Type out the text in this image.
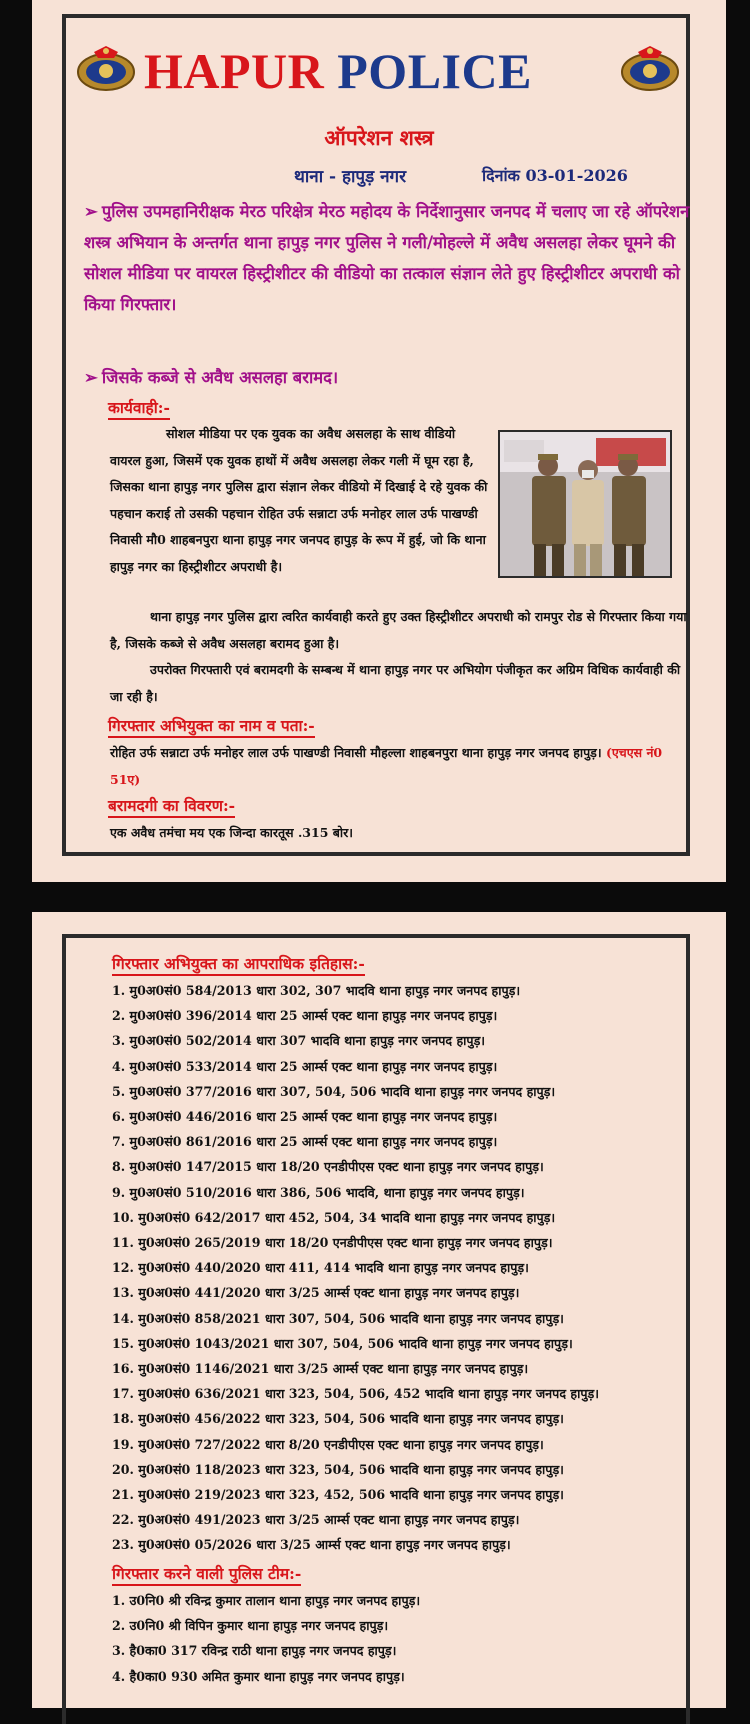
HAPUR POLICE
ऑपरेशन शस्त्र
थाना - हापुड़ नगर	दिनांक 03-01-2026
➢ पुलिस उपमहानिरीक्षक मेरठ परिक्षेत्र मेरठ महोदय के निर्देशानुसार जनपद में चलाए जा रहे ऑपरेशन शस्त्र अभियान के अन्तर्गत थाना हापुड़ नगर पुलिस ने गली/मोहल्ले में अवैध असलहा लेकर घूमने की सोशल मीडिया पर वायरल हिस्ट्रीशीटर की वीडियो का तत्काल संज्ञान लेते हुए हिस्ट्रीशीटर अपराधी को किया गिरफ्तार।
➢ जिसके कब्जे से अवैध असलहा बरामद।
कार्यवाही:-
सोशल मीडिया पर एक युवक का अवैध असलहा के साथ वीडियो वायरल हुआ, जिसमें एक युवक हाथों में अवैध असलहा लेकर गली में घूम रहा है, जिसका थाना हापुड़ नगर पुलिस द्वारा संज्ञान लेकर वीडियो में दिखाई दे रहे युवक की पहचान कराई तो उसकी पहचान रोहित उर्फ सन्नाटा उर्फ मनोहर लाल उर्फ पाखण्डी निवासी मौ0 शाहबनपुरा थाना हापुड़ नगर जनपद हापुड़ के रूप में हुई, जो कि थाना हापुड़ नगर का हिस्ट्रीशीटर अपराधी है।
थाना हापुड़ नगर पुलिस द्वारा त्वरित कार्यवाही करते हुए उक्त हिस्ट्रीशीटर अपराधी को रामपुर रोड से गिरफ्तार किया गया है, जिसके कब्जे से अवैध असलहा बरामद हुआ है।
उपरोक्त गिरफ्तारी एवं बरामदगी के सम्बन्ध में थाना हापुड़ नगर पर अभियोग पंजीकृत कर अग्रिम विधिक कार्यवाही की जा रही है।
गिरफ्तार अभियुक्त का नाम व पता:-
रोहित उर्फ सन्नाटा उर्फ मनोहर लाल उर्फ पाखण्डी निवासी मौहल्ला शाहबनपुरा थाना हापुड़ नगर जनपद हापुड़। (एचएस नं0 51ए)
बरामदगी का विवरण:-
एक अवैध तमंचा मय एक जिन्दा कारतूस .315 बोर।
गिरफ्तार अभियुक्त का आपराधिक इतिहास:-
1. मु0अ0सं0 584/2013 धारा 302, 307 भादवि थाना हापुड़ नगर जनपद हापुड़।
2. मु0अ0सं0 396/2014 धारा 25 आर्म्स एक्ट थाना हापुड़ नगर जनपद हापुड़।
3. मु0अ0सं0 502/2014 धारा 307 भादवि थाना हापुड़ नगर जनपद हापुड़।
4. मु0अ0सं0 533/2014 धारा 25 आर्म्स एक्ट थाना हापुड़ नगर जनपद हापुड़।
5. मु0अ0सं0 377/2016 धारा 307, 504, 506 भादवि थाना हापुड़ नगर जनपद हापुड़।
6. मु0अ0सं0 446/2016 धारा 25 आर्म्स एक्ट थाना हापुड़ नगर जनपद हापुड़।
7. मु0अ0सं0 861/2016 धारा 25 आर्म्स एक्ट थाना हापुड़ नगर जनपद हापुड़।
8. मु0अ0सं0 147/2015 धारा 18/20 एनडीपीएस एक्ट थाना हापुड़ नगर जनपद हापुड़।
9. मु0अ0सं0 510/2016 धारा 386, 506 भादवि, थाना हापुड़ नगर जनपद हापुड़।
10. मु0अ0सं0 642/2017 धारा 452, 504, 34 भादवि थाना हापुड़ नगर जनपद हापुड़।
11. मु0अ0सं0 265/2019 धारा 18/20 एनडीपीएस एक्ट थाना हापुड़ नगर जनपद हापुड़।
12. मु0अ0सं0 440/2020 धारा 411, 414 भादवि थाना हापुड़ नगर जनपद हापुड़।
13. मु0अ0सं0 441/2020 धारा 3/25 आर्म्स एक्ट थाना हापुड़ नगर जनपद हापुड़।
14. मु0अ0सं0 858/2021 धारा 307, 504, 506 भादवि थाना हापुड़ नगर जनपद हापुड़।
15. मु0अ0सं0 1043/2021 धारा 307, 504, 506 भादवि थाना हापुड़ नगर जनपद हापुड़।
16. मु0अ0सं0 1146/2021 धारा 3/25 आर्म्स एक्ट थाना हापुड़ नगर जनपद हापुड़।
17. मु0अ0सं0 636/2021 धारा 323, 504, 506, 452 भादवि थाना हापुड़ नगर जनपद हापुड़।
18. मु0अ0सं0 456/2022 धारा 323, 504, 506 भादवि थाना हापुड़ नगर जनपद हापुड़।
19. मु0अ0सं0 727/2022 धारा 8/20 एनडीपीएस एक्ट थाना हापुड़ नगर जनपद हापुड़।
20. मु0अ0सं0 118/2023 धारा 323, 504, 506 भादवि थाना हापुड़ नगर जनपद हापुड़।
21. मु0अ0सं0 219/2023 धारा 323, 452, 506 भादवि थाना हापुड़ नगर जनपद हापुड़।
22. मु0अ0सं0 491/2023 धारा 3/25 आर्म्स एक्ट थाना हापुड़ नगर जनपद हापुड़।
23. मु0अ0सं0 05/2026 धारा 3/25 आर्म्स एक्ट थाना हापुड़ नगर जनपद हापुड़।
गिरफ्तार करने वाली पुलिस टीम:-
1. उ0नि0 श्री रविन्द्र कुमार तालान थाना हापुड़ नगर जनपद हापुड़।
2. उ0नि0 श्री विपिन कुमार थाना हापुड़ नगर जनपद हापुड़।
3. है0का0 317 रविन्द्र राठी थाना हापुड़ नगर जनपद हापुड़।
4. है0का0 930 अमित कुमार थाना हापुड़ नगर जनपद हापुड़।
